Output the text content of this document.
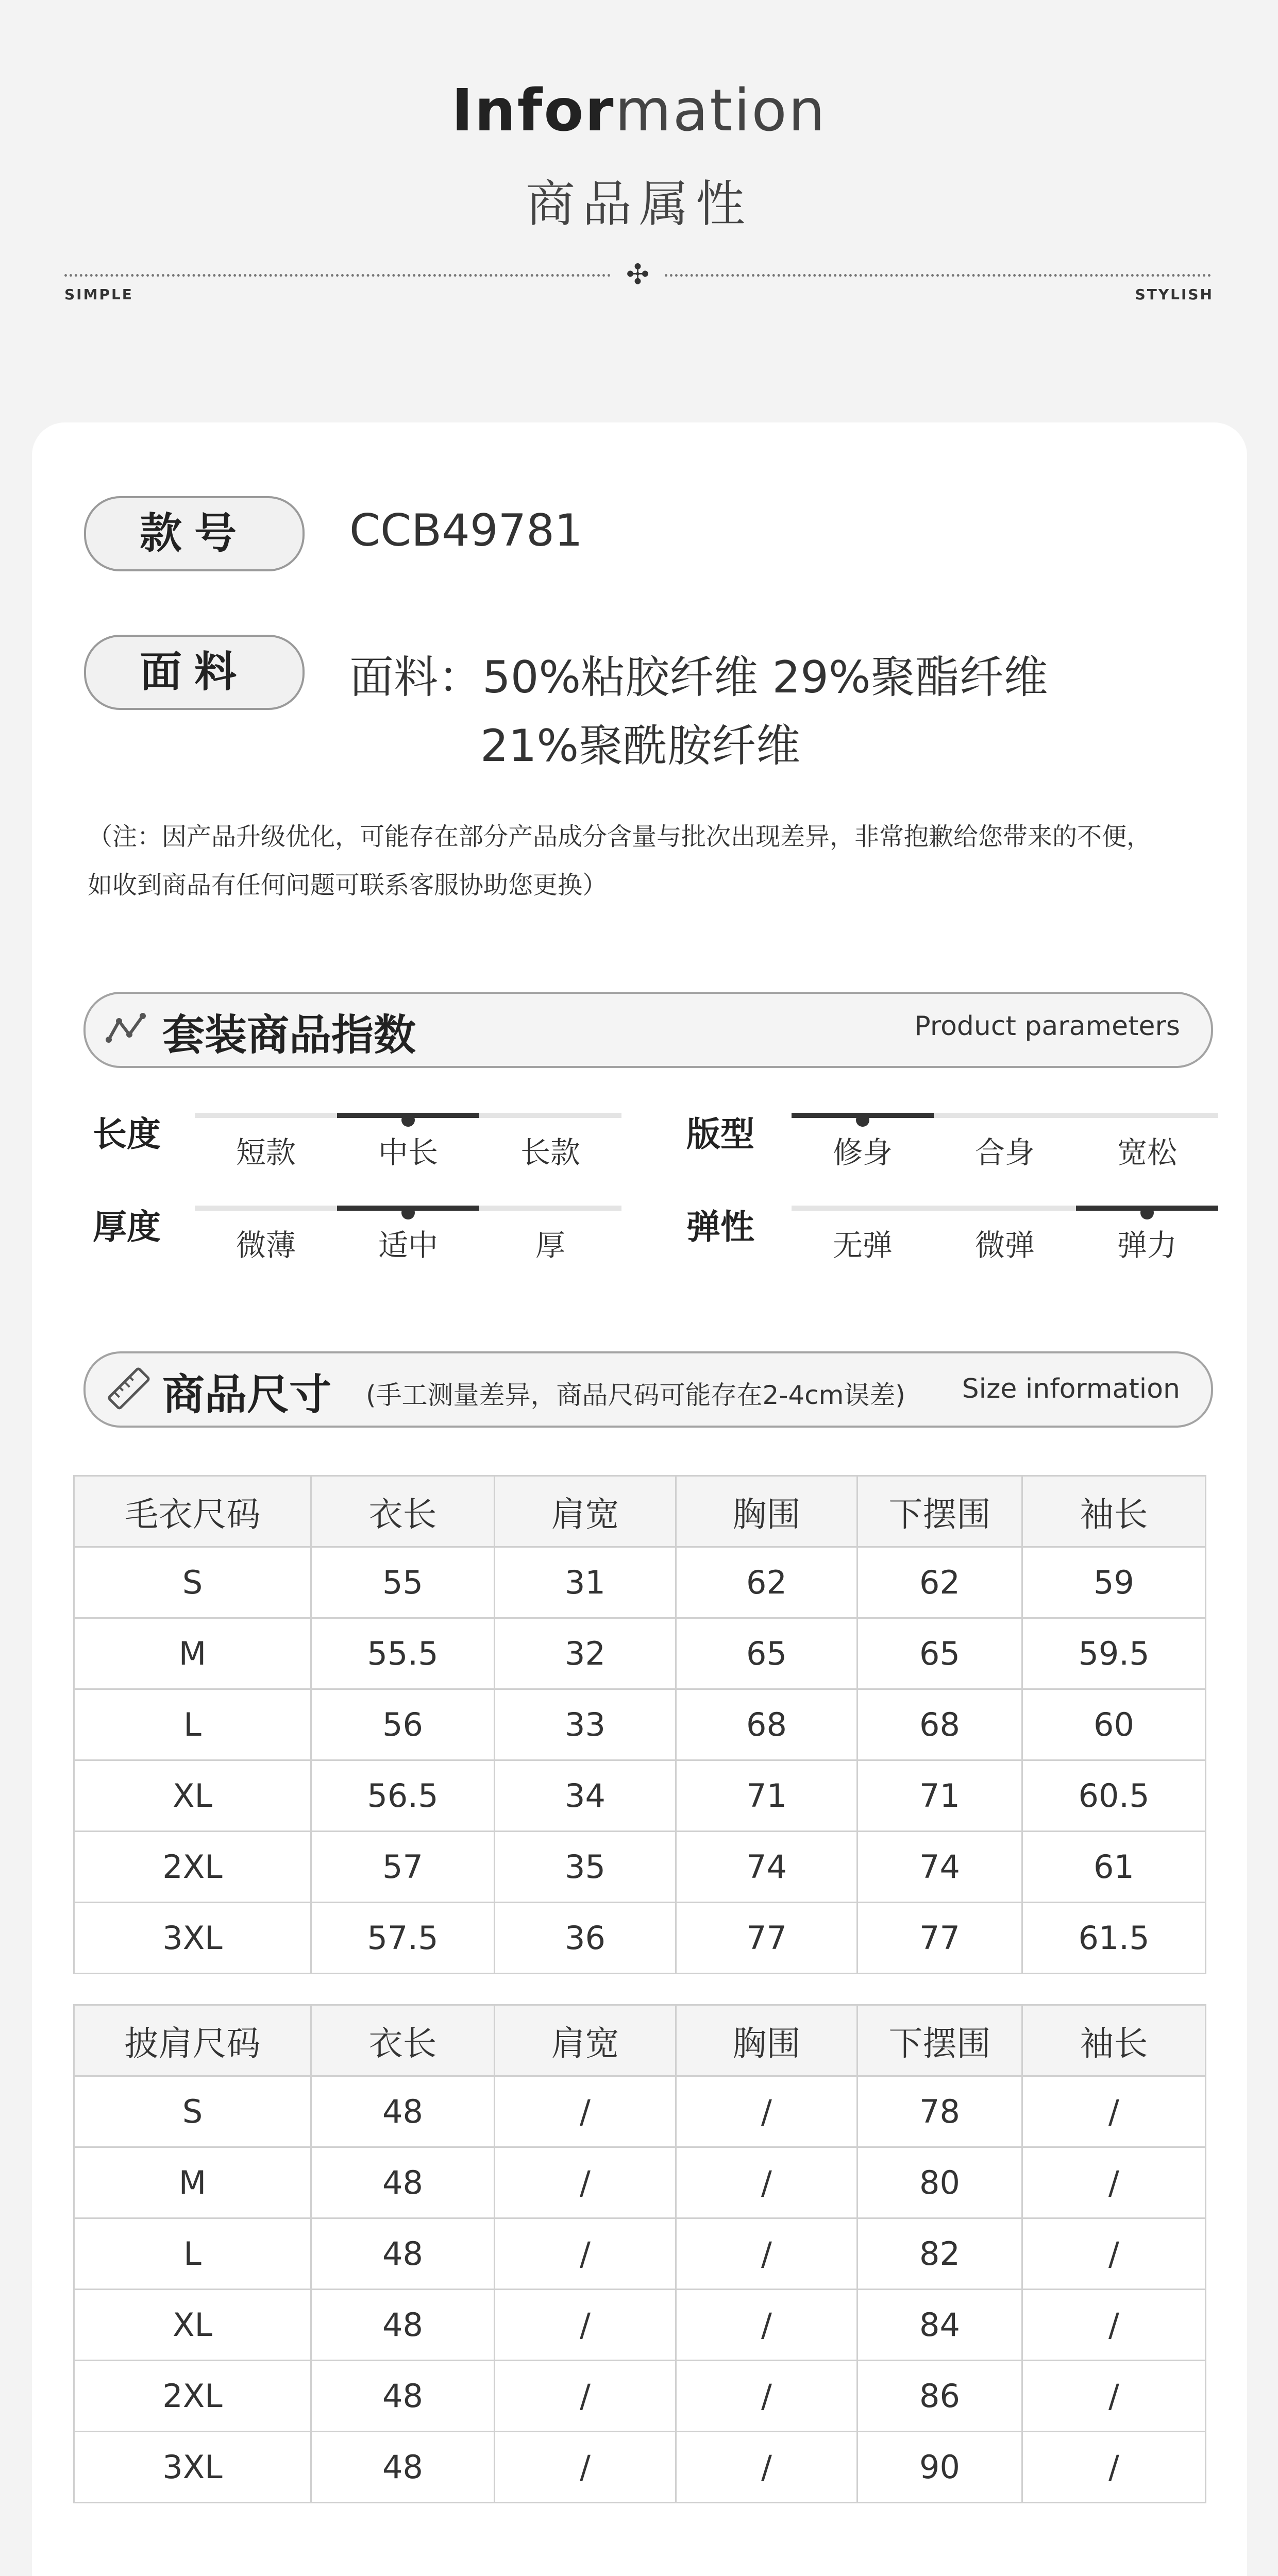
Information
商品属性
✣
SIMPLE	STYLISH
款号	CCB49781
面料	面料：50%粘胶纤维 29%聚酯纤维
21%聚酰胺纤维
（注：因产品升级优化，可能存在部分产品成分含量与批次出现差异，非常抱歉给您带来的不便，
如收到商品有任何问题可联系客服协助您更换）
套装商品指数	Product parameters
长度	短款	中长	长款	版型	修身	合身	宽松
厚度	微薄	适中	厚	弹性	无弹	微弹	弹力
商品尺寸 (手工测量差异，商品尺码可能存在2-4cm误差) Size information
毛衣尺码	衣长	肩宽	胸围	下摆围	袖长
S	55	31	62	62	59
M	55.5	32	65	65	59.5
L	56	33	68	68	60
XL	56.5	34	71	71	60.5
2XL	57	35	74	74	61
3XL	57.5	36	77	77	61.5
披肩尺码	衣长	肩宽	胸围	下摆围	袖长
S	48	/	/	78	/
M	48	/	/	80	/
L	48	/	/	82	/
XL	48	/	/	84	/
2XL	48	/	/	86	/
3XL	48	/	/	90	/
